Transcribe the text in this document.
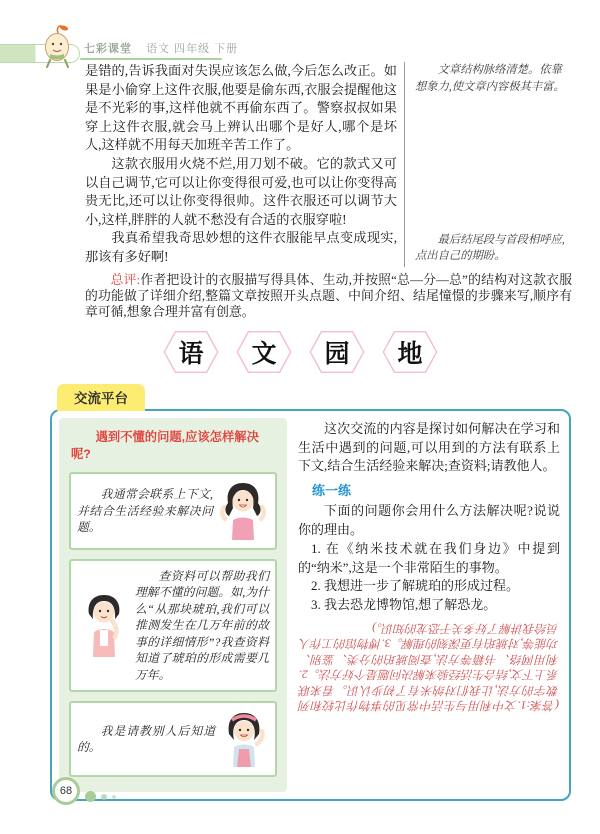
七彩课堂 语文 四年级 下册

是错的,告诉我面对失误应该怎么做,今后怎么改正。如果是小偷穿上这件衣服,他要是偷东西,衣服会提醒他这是不光彩的事,这样他就不再偷东西了。警察叔叔如果穿上这件衣服,就会马上辨认出哪个是好人,哪个是坏人,这样就不用每天加班辛苦工作了。

这款衣服用火烧不烂,用刀划不破。它的款式又可以自己调节,它可以让你变得很可爱,也可以让你变得高贵无比,还可以让你变得很帅。这件衣服还可以调节大小,这样,胖胖的人就不愁没有合适的衣服穿啦!

我真希望我奇思妙想的这件衣服能早点变成现实,那该有多好啊!

文章结构脉络清楚。依靠想象力,使文章内容极其丰富。

最后结尾段与首段相呼应,点出自己的期盼。

总评:作者把设计的衣服描写得具体、生动,并按照“总—分—总”的结构对这款衣服的功能做了详细介绍,整篇文章按照开头点题、中间介绍、结尾憧憬的步骤来写,顺序有章可循,想象合理并富有创意。

语 文 园 地
交流平台

遇到不懂的问题,应该怎样解决呢?

我通常会联系上下文,并结合生活经验来解决问题。

查资料可以帮助我们理解不懂的问题。如,为什么“从那块琥珀,我们可以推测发生在几万年前的故事的详细情形”?我查资料知道了琥珀的形成需要几万年。

我是请教别人后知道的。

这次交流的内容是探讨如何解决在学习和生活中遇到的问题,可以用到的方法有联系上下文,结合生活经验来解决;查资料;请教他人。

练一练

下面的问题你会用什么方法解决呢?说说你的理由。

1. 在《纳米技术就在我们身边》中提到的“纳米”,这是一个非常陌生的事物。

2. 我想进一步了解琥珀的形成过程。

3. 我去恐龙博物馆,想了解恐龙。

(答案:1.文中利用与生活中常见的事物作比较和列数字的方法,让我们对纳米有了初步认识。看来联系上下文,结合生活经验来解决问题是个好方法。2.利用网络、书籍等方法,查阅琥珀的分类、鉴别、功能等,对琥珀有更深刻的理解。3.博物馆的工作人员给我讲解了好多关于恐龙的知识。)

68
